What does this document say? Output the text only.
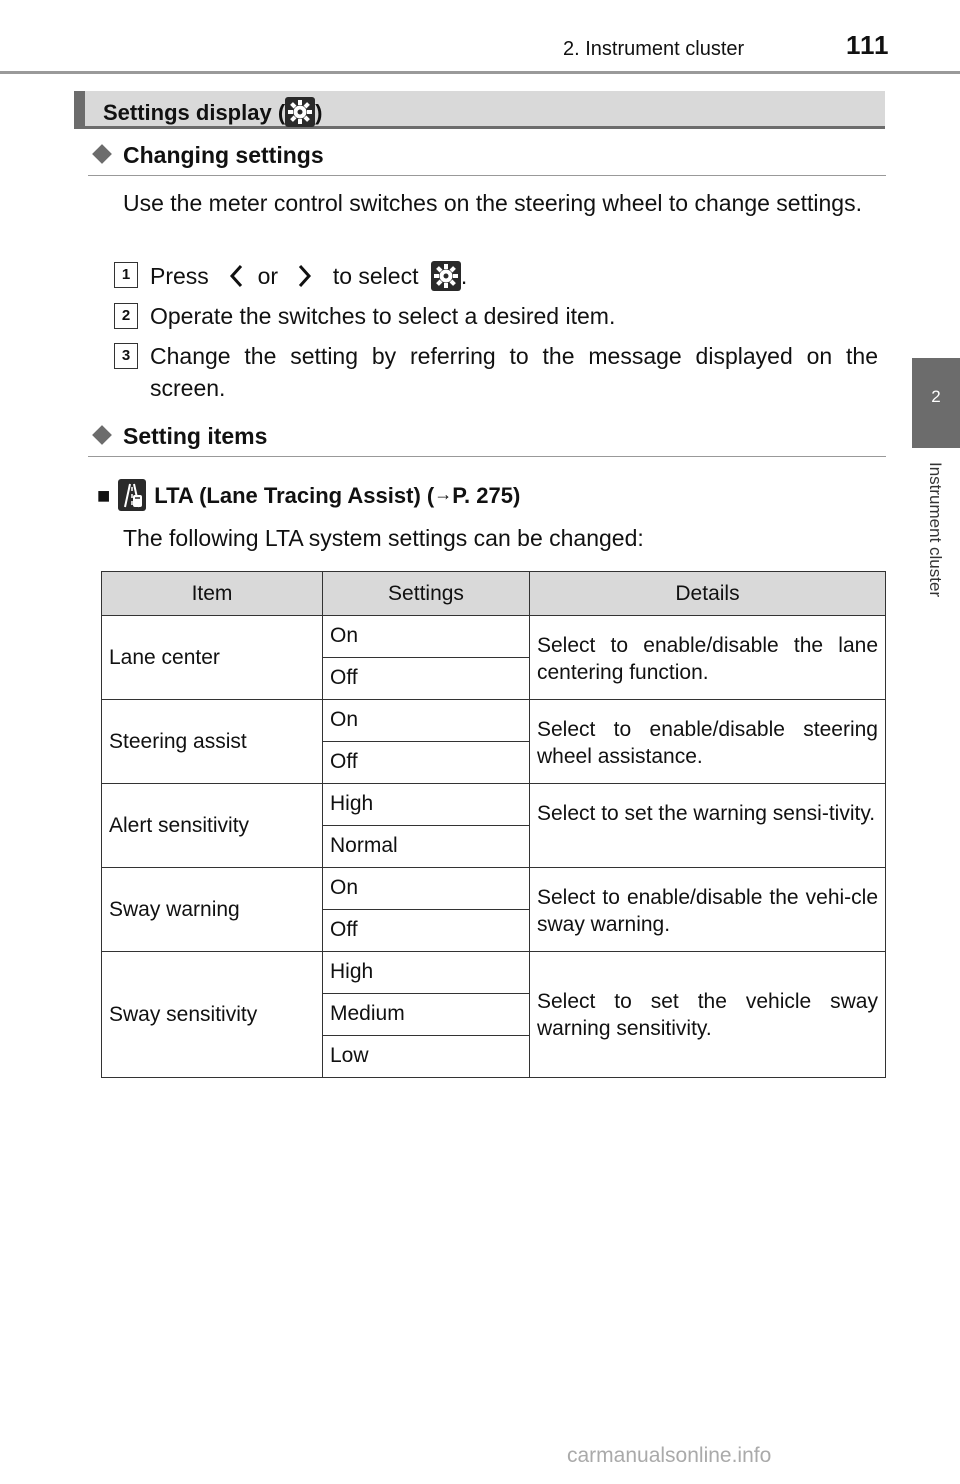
2. Instrument cluster	111
2
Instrument cluster
Settings display ( )
Changing settings
Use the meter control switches on the steering wheel to change settings.
1 Press or to select .
2 Operate the switches to select a desired item.
3 Change the setting by referring to the message displayed on the screen.
Setting items
■ LTA (Lane Tracing Assist) (→P. 275)
The following LTA system settings can be changed:
Item	Settings	Details
Lane center	On	Select to enable/disable the lane centering function.
	Off	
Steering assist	On	Select to enable/disable steering wheel assistance.
	Off	
Alert sensitivity	High	Select to set the warning sensi-tivity.
	Normal	
Sway warning	On	Select to enable/disable the vehi-cle sway warning.
	Off	
Sway sensitivity	High	Select to set the vehicle sway warning sensitivity.
	Medium	
	Low	
carmanualsonline.info
